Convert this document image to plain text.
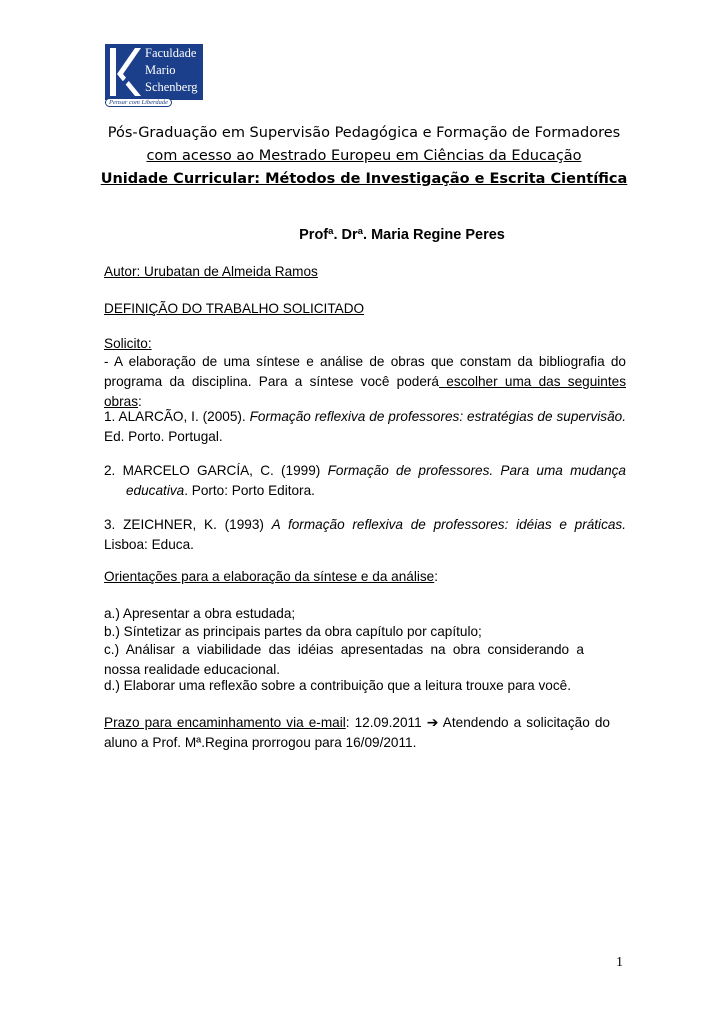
Faculdade
Mario
Schenberg
Pensar com Liberdade
Pós-Graduação em Supervisão Pedagógica e Formação de Formadores
com acesso ao Mestrado Europeu em Ciências da Educação
Unidade Curricular: Métodos de Investigação e Escrita Científica
Profª. Drª. Maria Regine Peres
Autor: Urubatan de Almeida Ramos
DEFINIÇÃO DO TRABALHO SOLICITADO
Solicito:
- A elaboração de uma síntese e análise de obras que constam da bibliografia do programa da disciplina. Para a síntese você poderá escolher uma das seguintes obras:
1. ALARCÃO, I. (2005). Formação reflexiva de professores: estratégias de supervisão. Ed. Porto. Portugal.
2. MARCELO GARCÍA, C. (1999) Formação de professores. Para uma mudança educativa. Porto: Porto Editora.
3. ZEICHNER, K. (1993) A formação reflexiva de professores: idéias e práticas. Lisboa: Educa.
Orientações para a elaboração da síntese e da análise:
a.) Apresentar a obra estudada;
b.) Síntetizar as principais partes da obra capítulo por capítulo;
c.) Análisar a viabilidade das idéias apresentadas na obra considerando a nossa realidade educacional.
d.) Elaborar uma reflexão sobre a contribuição que a leitura trouxe para você.
Prazo para encaminhamento via e-mail: 12.09.2011 ➔ Atendendo a solicitação do aluno a Prof. Mª.Regina prorrogou para 16/09/2011.
1
